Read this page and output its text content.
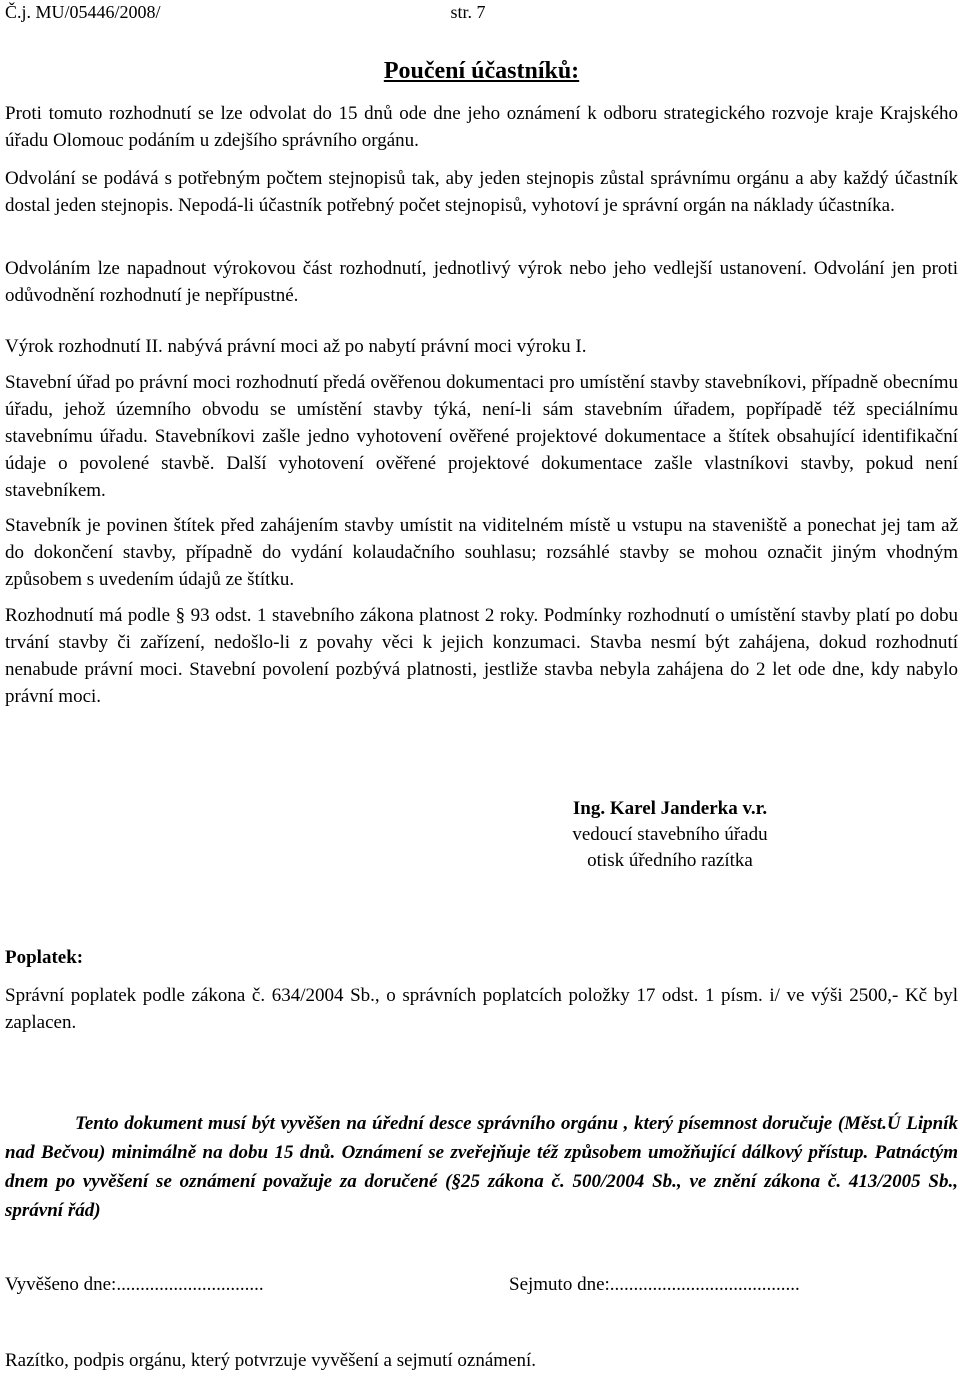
Č.j. MU/05446/2008/	str. 7
Poučení účastníků:
Proti tomuto rozhodnutí se lze odvolat do 15 dnů ode dne jeho oznámení k odboru strategického rozvoje kraje Krajského úřadu Olomouc podáním u zdejšího správního orgánu.
Odvolání se podává s potřebným počtem stejnopisů tak, aby jeden stejnopis zůstal správnímu orgánu a aby každý účastník dostal jeden stejnopis. Nepodá-li účastník potřebný počet stejnopisů, vyhotoví je správní orgán na náklady účastníka.
Odvoláním lze napadnout výrokovou část rozhodnutí, jednotlivý výrok nebo jeho vedlejší ustanovení. Odvolání jen proti odůvodnění rozhodnutí je nepřípustné.
Výrok rozhodnutí II. nabývá právní moci až po nabytí právní moci výroku I.
Stavební úřad po právní moci rozhodnutí předá ověřenou dokumentaci pro umístění stavby stavebníkovi, případně obecnímu úřadu, jehož územního obvodu se umístění stavby týká, není-li sám stavebním úřadem, popřípadě též speciálnímu stavebnímu úřadu. Stavebníkovi zašle jedno vyhotovení ověřené projektové dokumentace a štítek obsahující identifikační údaje o povolené stavbě. Další vyhotovení ověřené projektové dokumentace zašle vlastníkovi stavby, pokud není stavebníkem.
Stavebník je povinen štítek před zahájením stavby umístit na viditelném místě u vstupu na staveniště a ponechat jej tam až do dokončení stavby, případně do vydání kolaudačního souhlasu; rozsáhlé stavby se mohou označit jiným vhodným způsobem s uvedením údajů ze štítku.
Rozhodnutí má podle § 93 odst. 1 stavebního zákona platnost 2 roky. Podmínky rozhodnutí o umístění stavby platí po dobu trvání stavby či zařízení, nedošlo-li z povahy věci k jejich konzumaci. Stavba nesmí být zahájena, dokud rozhodnutí nenabude právní moci. Stavební povolení pozbývá platnosti, jestliže stavba nebyla zahájena do 2 let ode dne, kdy nabylo právní moci.
Ing. Karel Janderka v.r.
vedoucí stavebního úřadu
otisk úředního razítka
Poplatek:
Správní poplatek podle zákona č. 634/2004 Sb., o správních poplatcích položky 17 odst. 1 písm. i/ ve výši 2500,- Kč byl zaplacen.
Tento dokument musí být vyvěšen na úřední desce správního orgánu , který písemnost doručuje (Měst.Ú Lipník nad Bečvou) minimálně na dobu 15 dnů. Oznámení se zveřejňuje též způsobem umožňující dálkový přístup. Patnáctým dnem po vyvěšení se oznámení považuje za doručené (§25 zákona č. 500/2004 Sb., ve znění zákona č. 413/2005 Sb., správní řád)
Vyvěšeno dne:...............................	Sejmuto dne:........................................
Razítko, podpis orgánu, který potvrzuje vyvěšení a sejmutí oznámení.
